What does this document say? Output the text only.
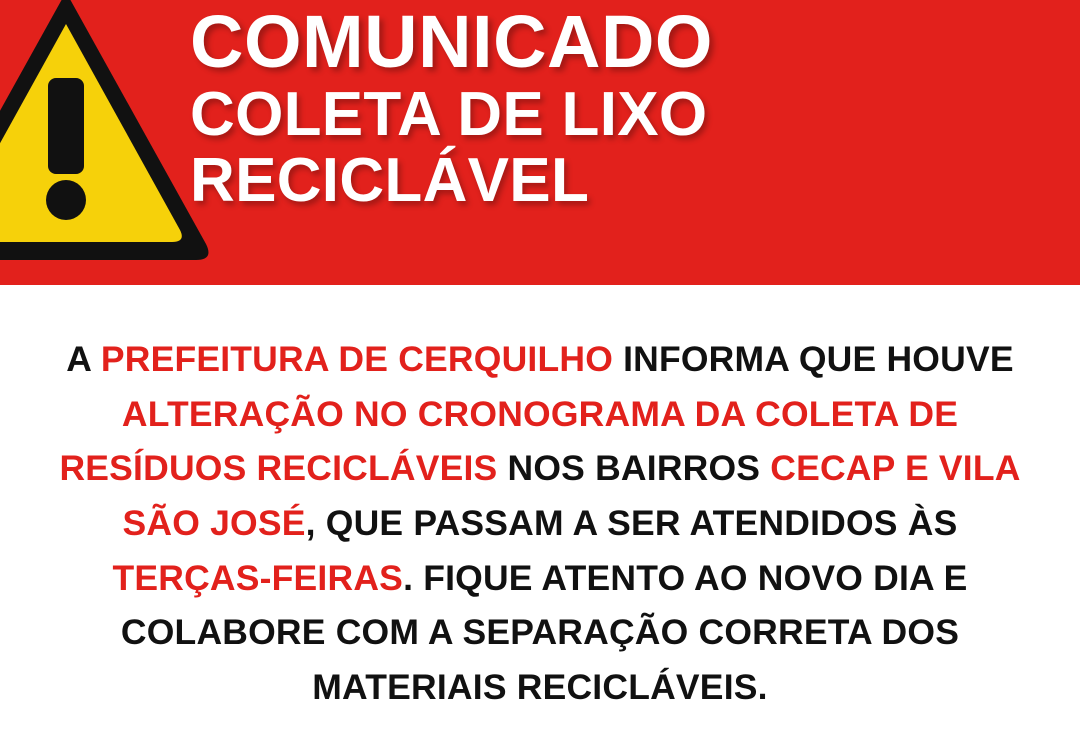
COMUNICADO
COLETA DE LIXO
RECICLÁVEL
A PREFEITURA DE CERQUILHO INFORMA QUE HOUVE ALTERAÇÃO NO CRONOGRAMA DA COLETA DE RESÍDUOS RECICLÁVEIS NOS BAIRROS CECAP E VILA SÃO JOSÉ, QUE PASSAM A SER ATENDIDOS ÀS TERÇAS-FEIRAS. FIQUE ATENTO AO NOVO DIA E COLABORE COM A SEPARAÇÃO CORRETA DOS MATERIAIS RECICLÁVEIS.
